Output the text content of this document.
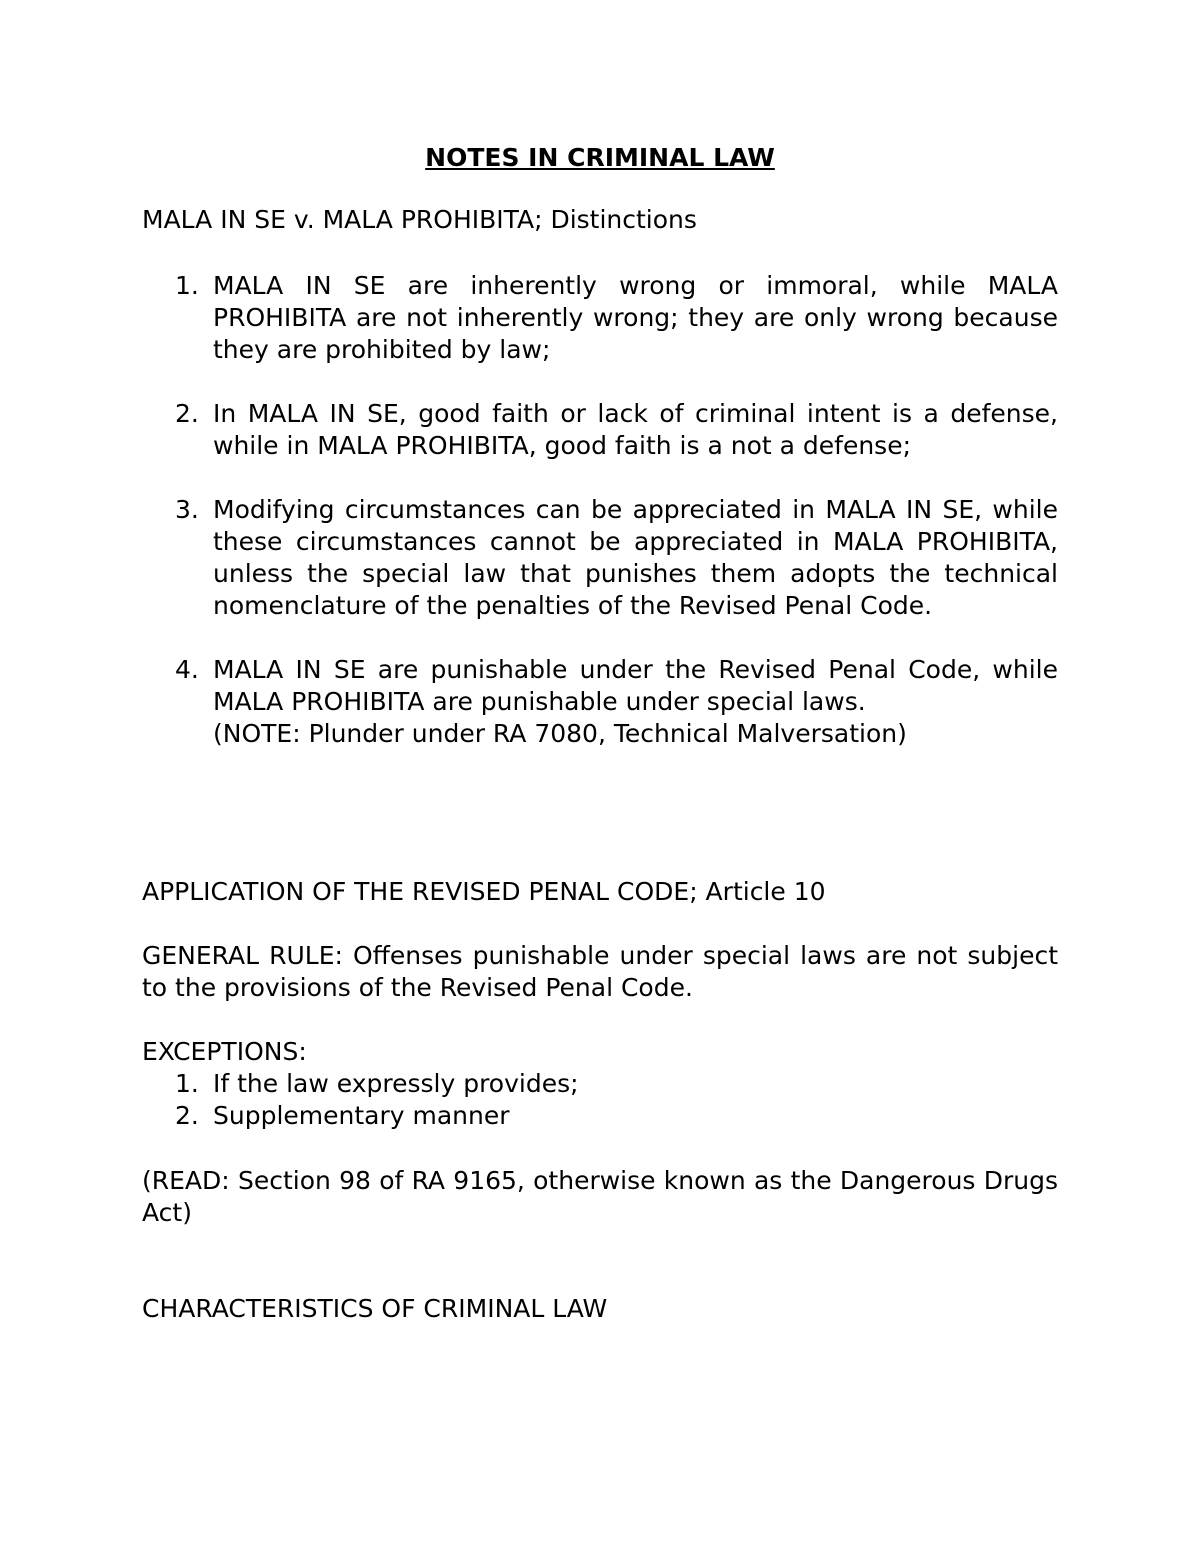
NOTES IN CRIMINAL LAW

MALA IN SE v. MALA PROHIBITA; Distinctions

1. MALA IN SE are inherently wrong or immoral, while MALA PROHIBITA are not inherently wrong; they are only wrong because they are prohibited by law;
2. In MALA IN SE, good faith or lack of criminal intent is a defense, while in MALA PROHIBITA, good faith is a not a defense;
3. Modifying circumstances can be appreciated in MALA IN SE, while these circumstances cannot be appreciated in MALA PROHIBITA, unless the special law that punishes them adopts the technical nomenclature of the penalties of the Revised Penal Code.
4. MALA IN SE are punishable under the Revised Penal Code, while MALA PROHIBITA are punishable under special laws.
(NOTE: Plunder under RA 7080, Technical Malversation)

APPLICATION OF THE REVISED PENAL CODE; Article 10

GENERAL RULE: Offenses punishable under special laws are not subject to the provisions of the Revised Penal Code.

EXCEPTIONS:

1. If the law expressly provides;
2. Supplementary manner

(READ: Section 98 of RA 9165, otherwise known as the Dangerous Drugs Act)

CHARACTERISTICS OF CRIMINAL LAW
